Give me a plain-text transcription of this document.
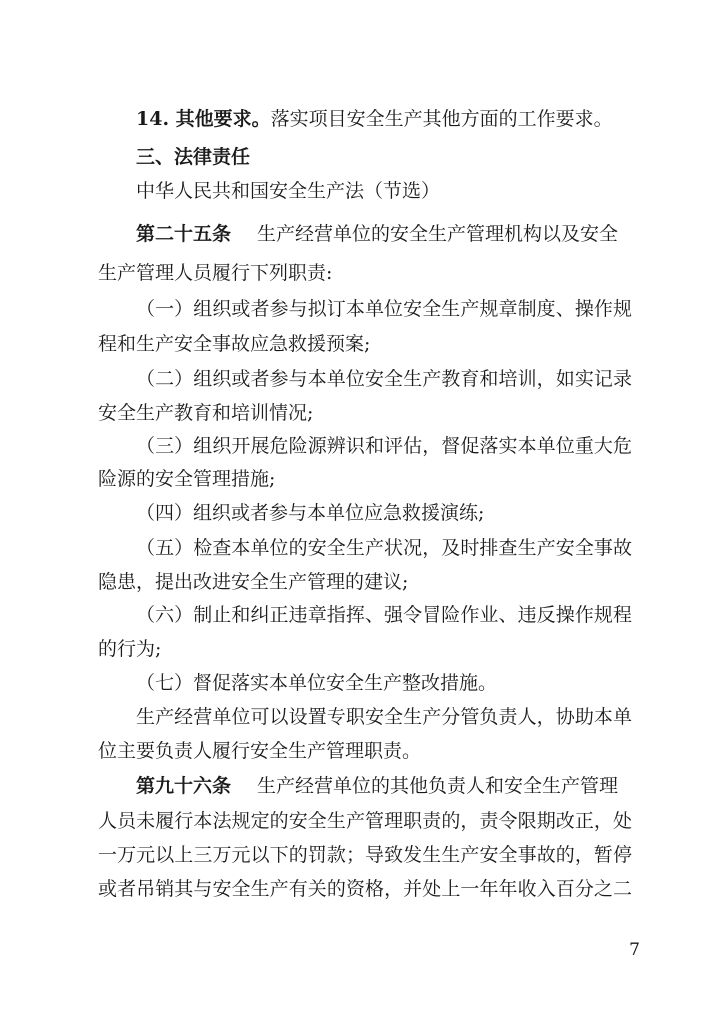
14. 其他要求。落实项目安全生产其他方面的工作要求。
三、法律责任
中华人民共和国安全生产法（节选）
第二十五条 生产经营单位的安全生产管理机构以及安全
生产管理人员履行下列职责:
（一）组织或者参与拟订本单位安全生产规章制度、操作规
程和生产安全事故应急救援预案;
（二）组织或者参与本单位安全生产教育和培训，如实记录
安全生产教育和培训情况;
（三）组织开展危险源辨识和评估，督促落实本单位重大危
险源的安全管理措施;
（四）组织或者参与本单位应急救援演练;
（五）检查本单位的安全生产状况，及时排查生产安全事故
隐患，提出改进安全生产管理的建议;
（六）制止和纠正违章指挥、强令冒险作业、违反操作规程
的行为;
（七）督促落实本单位安全生产整改措施。
生产经营单位可以设置专职安全生产分管负责人，协助本单
位主要负责人履行安全生产管理职责。
第九十六条 生产经营单位的其他负责人和安全生产管理
人员未履行本法规定的安全生产管理职责的，责令限期改正，处
一万元以上三万元以下的罚款；导致发生生产安全事故的，暂停
或者吊销其与安全生产有关的资格，并处上一年年收入百分之二
7
